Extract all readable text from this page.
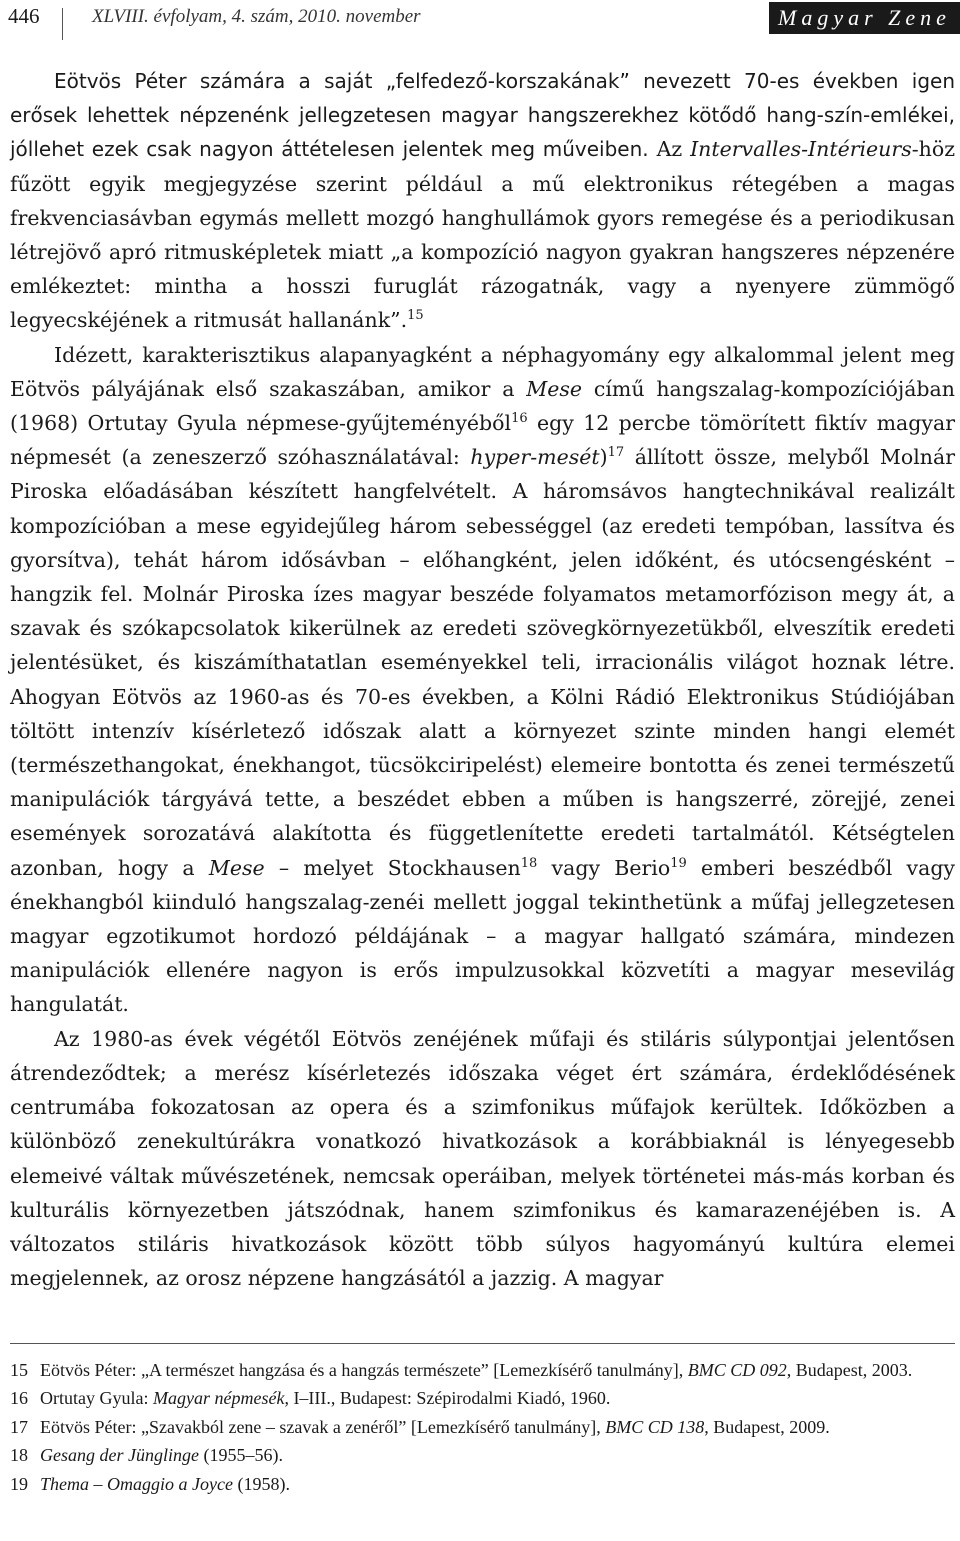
446	XLVIII. évfolyam, 4. szám, 2010. november	Magyar Zene

Eötvös Péter számára a saját „felfedező-korszakának” nevezett 70-es években igen erősek lehettek népzenénk jellegzetesen magyar hangszerekhez kötődő hang-szín-emlékei, jóllehet ezek csak nagyon áttételesen jelentek meg műveiben. Az Intervalles-Intérieurs-höz fűzött egyik megjegyzése szerint például a mű elektronikus rétegében a magas frekvenciasávban egymás mellett mozgó hanghullámok gyors remegése és a periodikusan létrejövő apró ritmusképletek miatt „a kompozíció nagyon gyakran hangszeres népzenére emlékeztet: mintha a hosszi furuglát rázogatnák, vagy a nyenyere zümmögő legyecskéjének a ritmusát hallanánk”.$^{15}$

Idézett, karakterisztikus alapanyagként a néphagyomány egy alkalommal jelent meg Eötvös pályájának első szakaszában, amikor a Mese című hangszalag-kompozíciójában (1968) Ortutay Gyula népmese-gyűjteményéből$^{16}$ egy 12 percbe tömörített fiktív magyar népmesét (a zeneszerző szóhasználatával: hyper-mesét)$^{17}$ állított össze, melyből Molnár Piroska előadásában készített hangfelvételt. A háromsávos hangtechnikával realizált kompozícióban a mese egyidejűleg három sebességgel (az eredeti tempóban, lassítva és gyorsítva), tehát három idősávban – előhangként, jelen időként, és utócsengésként – hangzik fel. Molnár Piroska ízes magyar beszéde folyamatos metamorfózison megy át, a szavak és szókapcsolatok kikerülnek az eredeti szövegkörnyezetükből, elveszítik eredeti jelentésüket, és kiszámíthatatlan eseményekkel teli, irracionális világot hoznak létre. Ahogyan Eötvös az 1960-as és 70-es években, a Kölni Rádió Elektronikus Stúdiójában töltött intenzív kísérletező időszak alatt a környezet szinte minden hangi elemét (természethangokat, énekhangot, tücsökciripelést) elemeire bontotta és zenei természetű manipulációk tárgyává tette, a beszédet ebben a műben is hangszerré, zörejjé, zenei események sorozatává alakította és függetlenítette eredeti tartalmától. Kétségtelen azonban, hogy a Mese – melyet Stockhausen$^{18}$ vagy Berio$^{19}$ emberi beszédből vagy énekhangból kiinduló hangszalag-zenéi mellett joggal tekinthetünk a műfaj jellegzetesen magyar egzotikumot hordozó példájának – a magyar hallgató számára, mindezen manipulációk ellenére nagyon is erős impulzusokkal közvetíti a magyar mesevilág hangulatát.

Az 1980-as évek végétől Eötvös zenéjének műfaji és stiláris súlypontjai jelentősen átrendeződtek; a merész kísérletezés időszaka véget ért számára, érdeklődésének centrumába fokozatosan az opera és a szimfonikus műfajok kerültek. Időközben a különböző zenekultúrákra vonatkozó hivatkozások a korábbiaknál is lényegesebb elemeivé váltak művészetének, nemcsak operáiban, melyek történetei más-más korban és kulturális környezetben játszódnak, hanem szimfonikus és kamarazenéjében is. A változatos stiláris hivatkozások között több súlyos hagyományú kultúra elemei megjelennek, az orosz népzene hangzásától a jazzig. A magyar

15 Eötvös Péter: „A természet hangzása és a hangzás természete” [Lemezkísérő tanulmány], BMC CD 092, Budapest, 2003.
16 Ortutay Gyula: Magyar népmesék, I–III., Budapest: Szépirodalmi Kiadó, 1960.
17 Eötvös Péter: „Szavakból zene – szavak a zenéről” [Lemezkísérő tanulmány], BMC CD 138, Budapest, 2009.
18 Gesang der Jünglinge (1955–56).
19 Thema – Omaggio a Joyce (1958).
